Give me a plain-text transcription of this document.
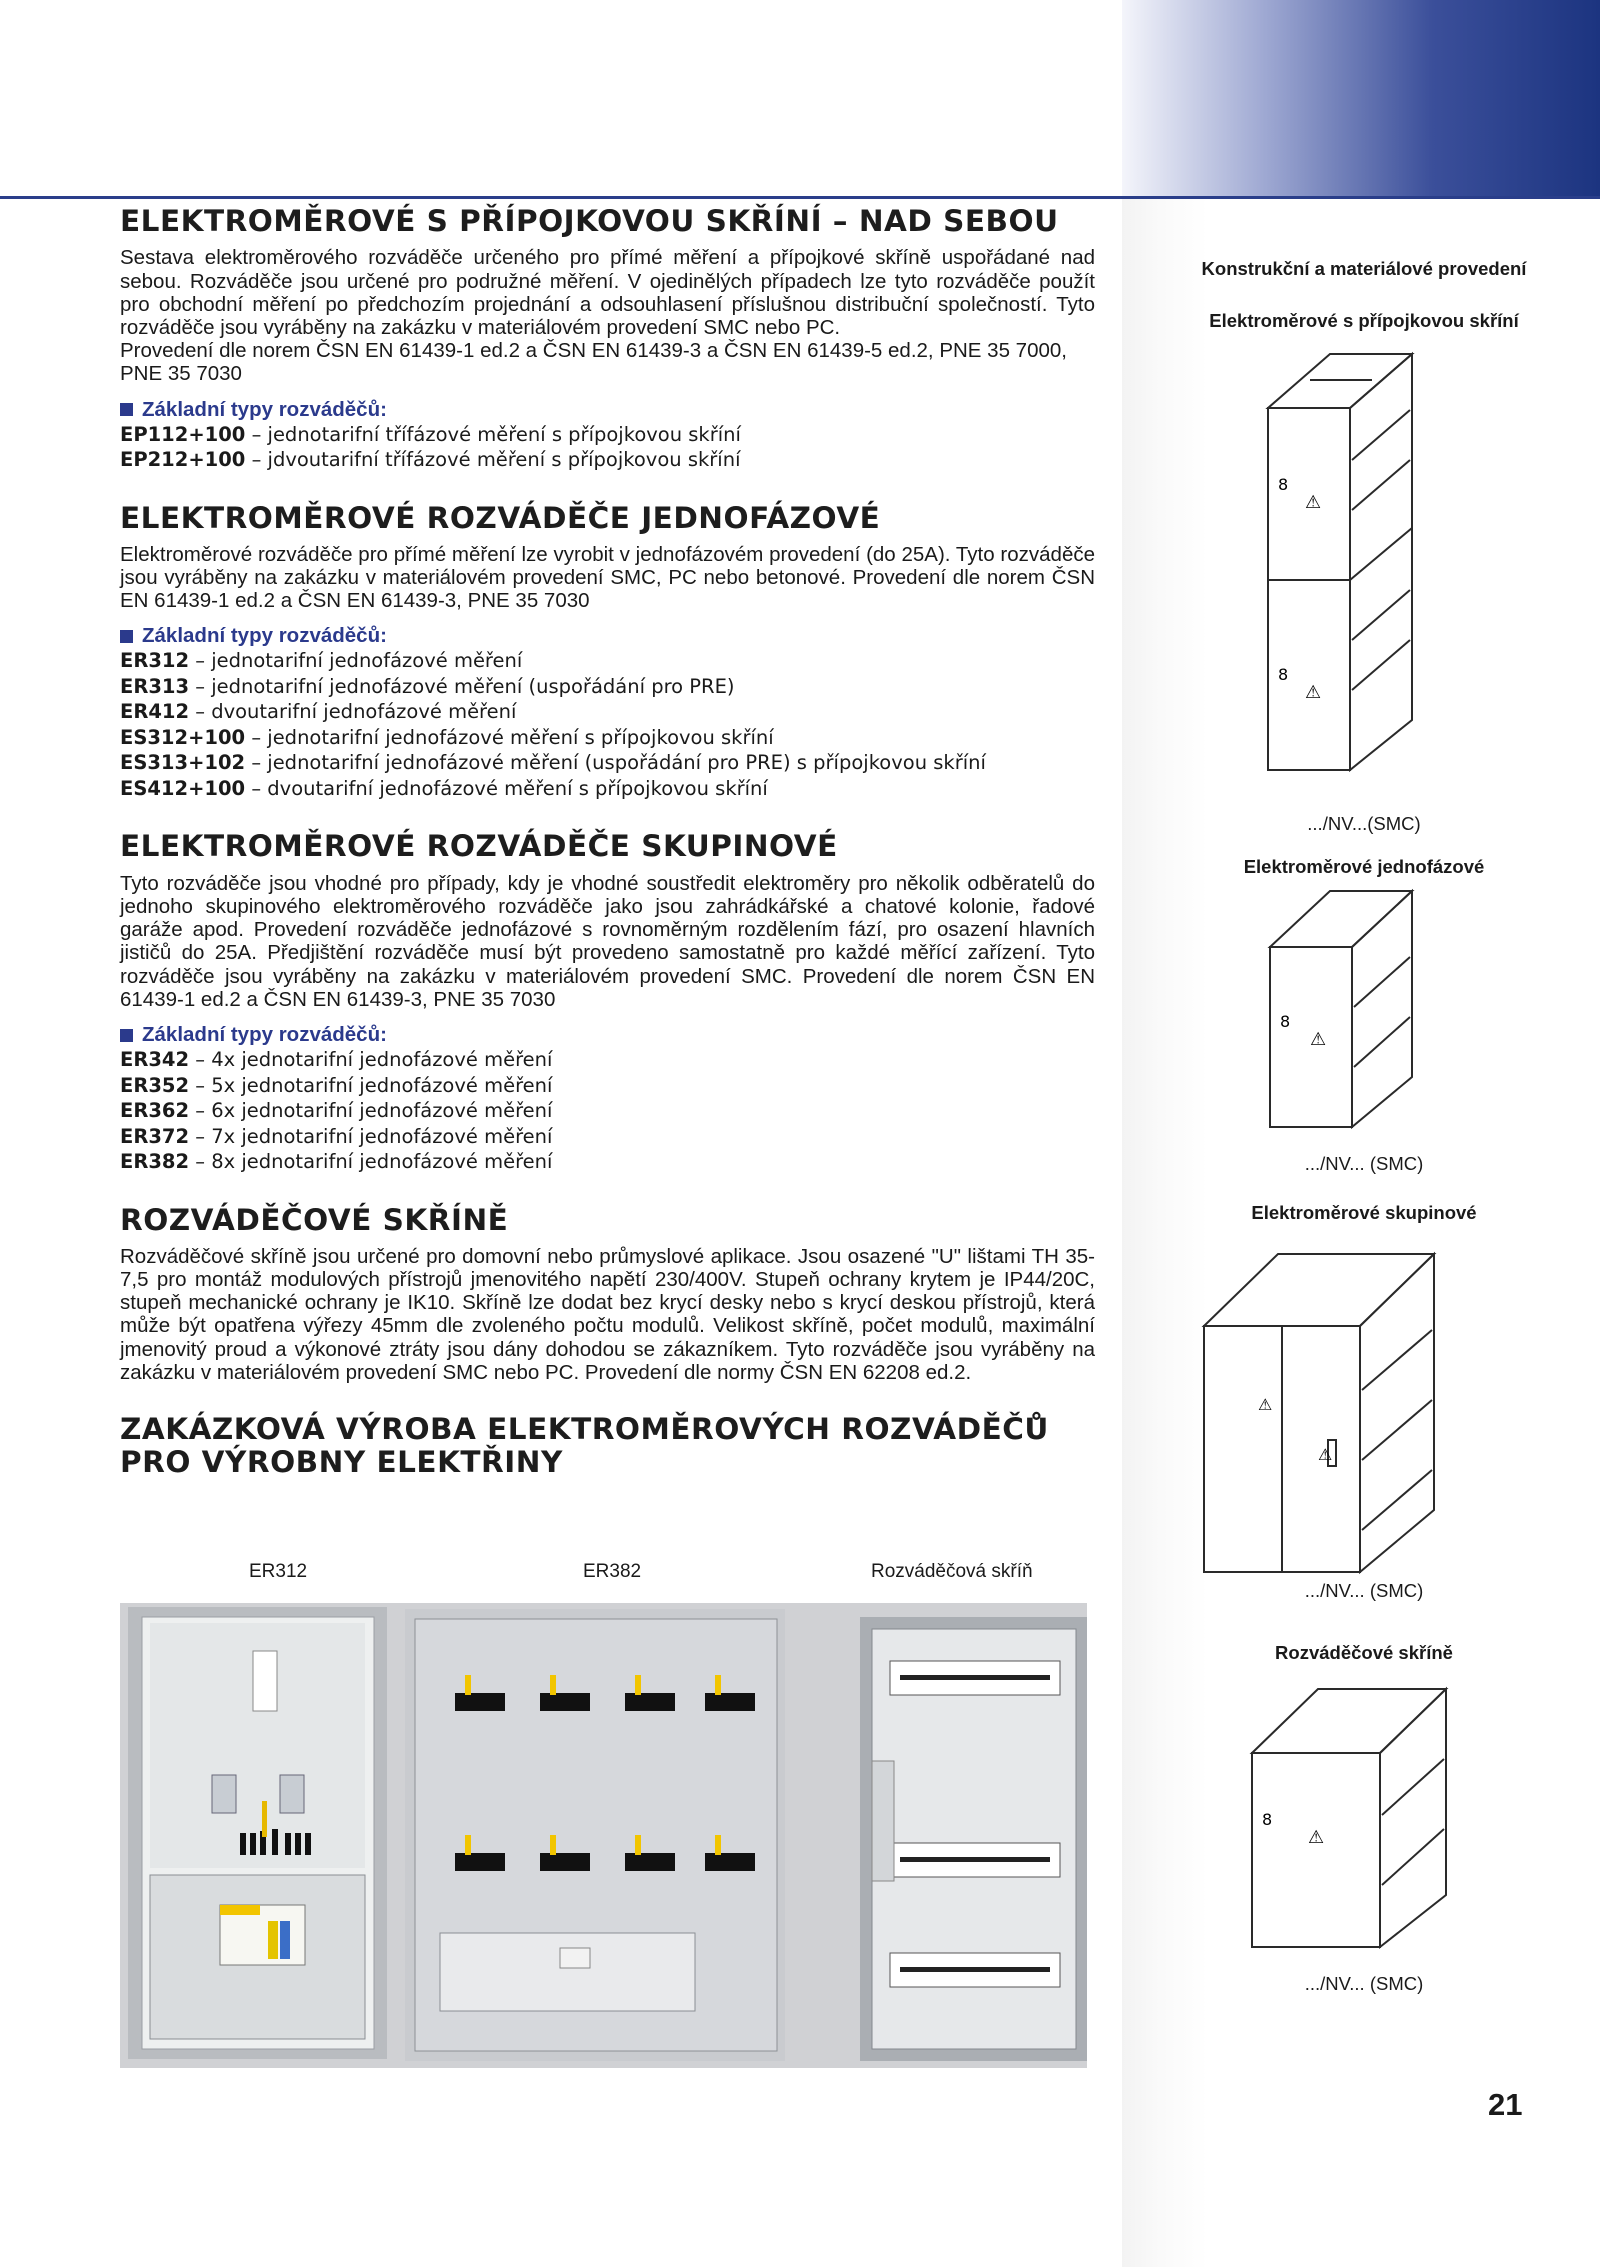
ELEKTROMĚROVÉ S PŘÍPOJKOVOU SKŘÍNÍ – NAD SEBOU

Sestava elektroměrového rozváděče určeného pro přímé měření a přípojkové skříně uspořádané nad sebou. Rozváděče jsou určené pro podružné měření. V ojedinělých případech lze tyto rozváděče použít pro obchodní měření po předchozím projednání a odsouhlasení příslušnou distribuční společností. Tyto rozváděče jsou vyráběny na zakázku v materiálovém provedení SMC nebo PC.

Provedení dle norem ČSN EN 61439-1 ed.2 a ČSN EN 61439-3 a ČSN EN 61439-5 ed.2, PNE 35 7000, PNE 35 7030

Základní typy rozváděčů:
EP112+100 – jednotarifní třífázové měření s přípojkovou skříní
EP212+100 – jdvoutarifní třífázové měření s přípojkovou skříní
ELEKTROMĚROVÉ ROZVÁDĚČE JEDNOFÁZOVÉ

Elektroměrové rozváděče pro přímé měření lze vyrobit v jednofázovém provedení (do 25A). Tyto rozváděče jsou vyráběny na zakázku v materiálovém provedení SMC, PC nebo betonové. Provedení dle norem ČSN EN 61439-1 ed.2 a ČSN EN 61439-3, PNE 35 7030

Základní typy rozváděčů:
ER312 – jednotarifní jednofázové měření
ER313 – jednotarifní jednofázové měření (uspořádání pro PRE)
ER412 – dvoutarifní jednofázové měření
ES312+100 – jednotarifní jednofázové měření s přípojkovou skříní
ES313+102 – jednotarifní jednofázové měření (uspořádání pro PRE) s přípojkovou skříní
ES412+100 – dvoutarifní jednofázové měření s přípojkovou skříní
ELEKTROMĚROVÉ ROZVÁDĚČE SKUPINOVÉ

Tyto rozváděče jsou vhodné pro případy, kdy je vhodné soustředit elektroměry pro několik odběratelů do jednoho skupinového elektroměrového rozváděče jako jsou zahrádkářské a chatové kolonie, řadové garáže apod. Provedení rozváděče jednofázové s rovnoměrným rozdělením fází, pro osazení hlavních jističů do 25A. Předjištění rozváděče musí být provedeno samostatně pro každé měřící zařízení. Tyto rozváděče jsou vyráběny na zakázku v materiálovém provedení SMC. Provedení dle norem ČSN EN 61439-1 ed.2 a ČSN EN 61439-3, PNE 35 7030

Základní typy rozváděčů:
ER342 – 4x jednotarifní jednofázové měření
ER352 – 5x jednotarifní jednofázové měření
ER362 – 6x jednotarifní jednofázové měření
ER372 – 7x jednotarifní jednofázové měření
ER382 – 8x jednotarifní jednofázové měření
ROZVÁDĚČOVÉ SKŘÍNĚ

Rozváděčové skříně jsou určené pro domovní nebo průmyslové aplikace. Jsou osazené "U" lištami TH 35-7,5 pro montáž modulových přístrojů jmenovitého napětí 230/400V. Stupeň ochrany krytem je IP44/20C, stupeň mechanické ochrany je IK10. Skříně lze dodat bez krycí desky nebo s krycí deskou přístrojů, která může být opatřena výřezy 45mm dle zvoleného počtu modulů. Velikost skříně, počet modulů, maximální jmenovitý proud a výkonové ztráty jsou dány dohodou se zákazníkem. Tyto rozváděče jsou vyráběny na zakázku v materiálovém provedení SMC nebo PC. Provedení dle normy ČSN EN 62208 ed.2.

ZAKÁZKOVÁ VÝROBA ELEKTROMĚROVÝCH ROZVÁDĚČŮ PRO VÝROBNY ELEKTŘINY
ER312	ER382	Rozváděčová skříň
Konstrukční a materiálové provedení
Elektroměrové s přípojkovou skříní
.../NV...(SMC)
Elektroměrové jednofázové
.../NV... (SMC)
Elektroměrové skupinové
.../NV... (SMC)
Rozváděčové skříně
.../NV... (SMC)
8
⚠
8
⚠
8
⚠
⚠
⚠
8
⚠
21
